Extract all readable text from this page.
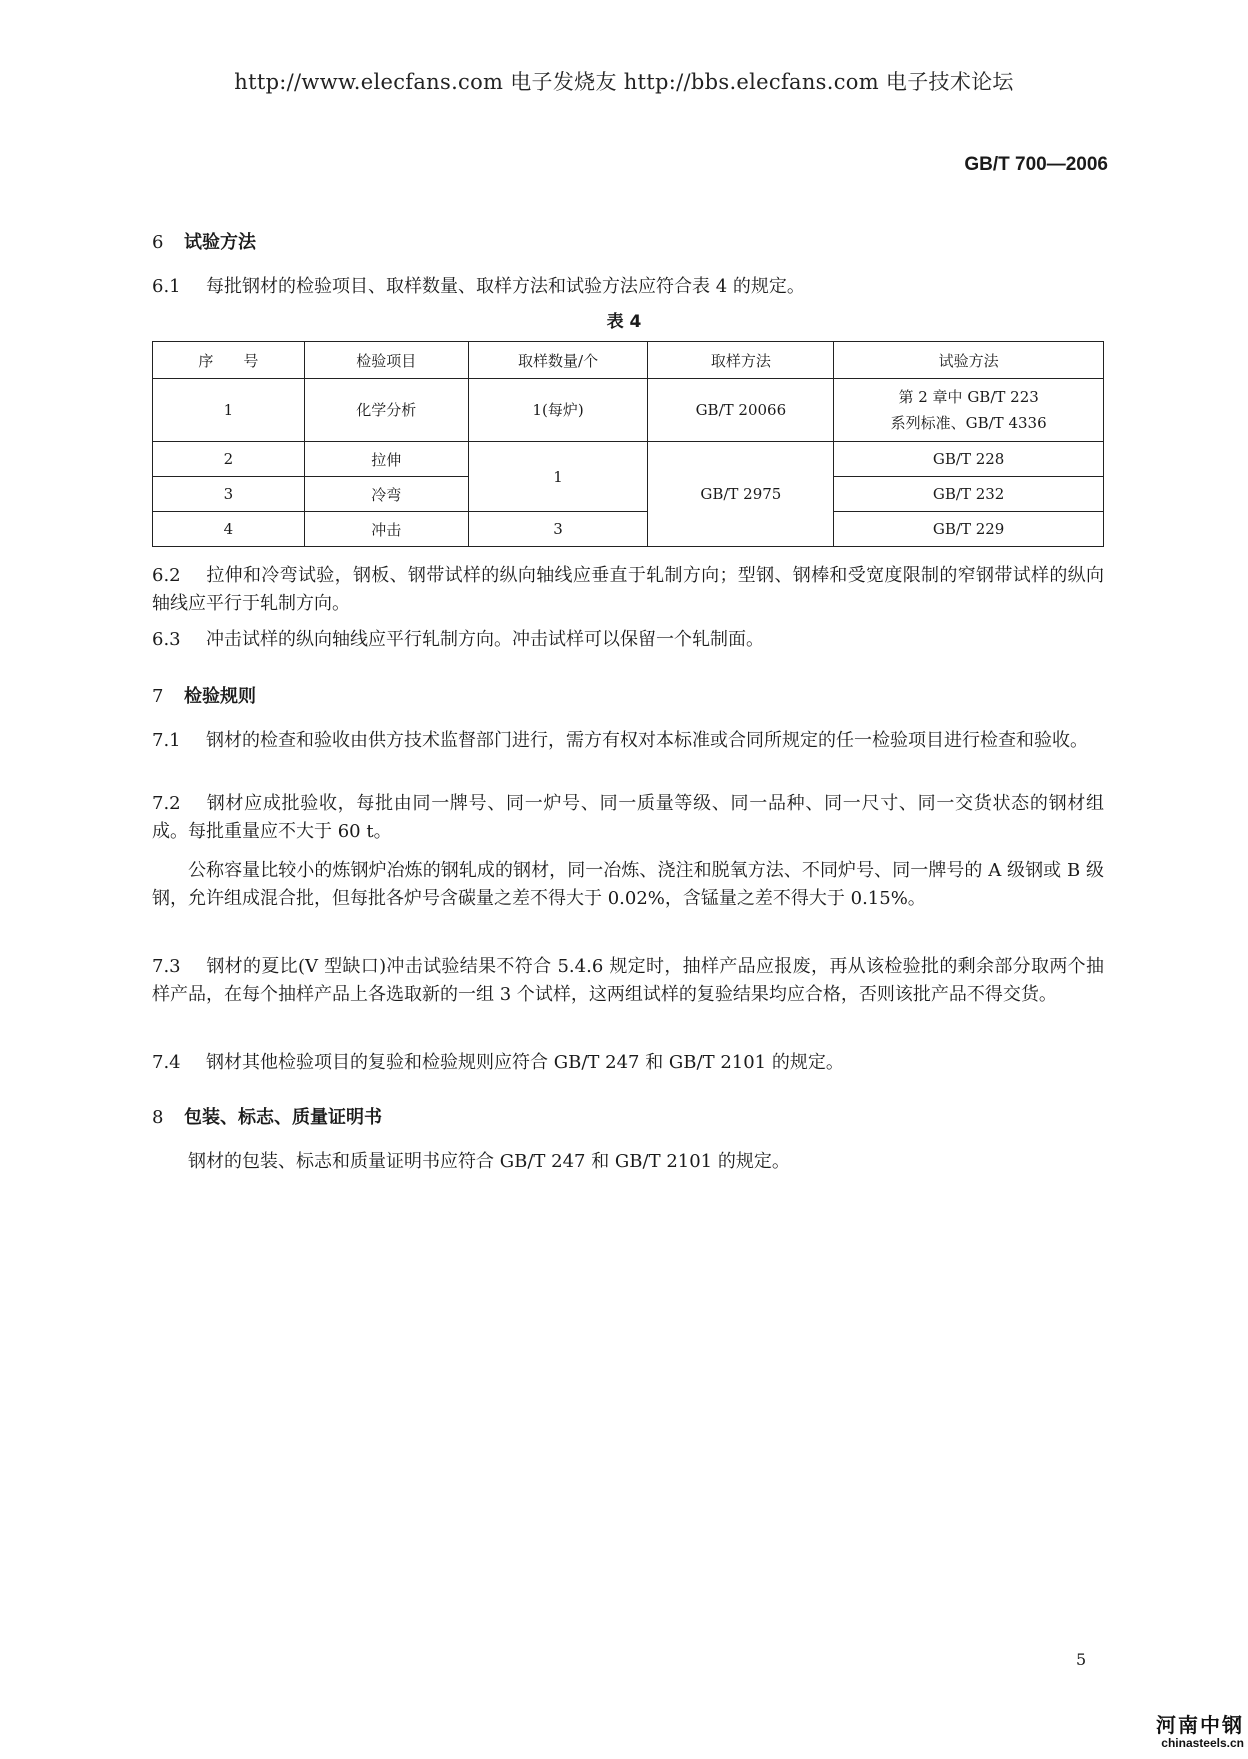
http://www.elecfans.com 电子发烧友 http://bbs.elecfans.com 电子技术论坛
GB/T 700—2006
6 试验方法
6.1 每批钢材的检验项目、取样数量、取样方法和试验方法应符合表 4 的规定。
表 4
序　　号	检验项目	取样数量/个	取样方法	试验方法
1	化学分析	1(每炉)	GB/T 20066	第 2 章中 GB/T 223
系列标准、GB/T 4336

2	拉伸	1	GB/T 2975	GB/T 228
3	冷弯			GB/T 232
4	冲击	3		GB/T 229
6.2 拉伸和冷弯试验，钢板、钢带试样的纵向轴线应垂直于轧制方向；型钢、钢棒和受宽度限制的窄钢带试样的纵向轴线应平行于轧制方向。
6.3 冲击试样的纵向轴线应平行轧制方向。冲击试样可以保留一个轧制面。
7 检验规则
7.1 钢材的检查和验收由供方技术监督部门进行，需方有权对本标准或合同所规定的任一检验项目进行检查和验收。
7.2 钢材应成批验收，每批由同一牌号、同一炉号、同一质量等级、同一品种、同一尺寸、同一交货状态的钢材组成。每批重量应不大于 60 t。
公称容量比较小的炼钢炉冶炼的钢轧成的钢材，同一冶炼、浇注和脱氧方法、不同炉号、同一牌号的 A 级钢或 B 级钢，允许组成混合批，但每批各炉号含碳量之差不得大于 0.02%，含锰量之差不得大于 0.15%。
7.3 钢材的夏比(V 型缺口)冲击试验结果不符合 5.4.6 规定时，抽样产品应报废，再从该检验批的剩余部分取两个抽样产品，在每个抽样产品上各选取新的一组 3 个试样，这两组试样的复验结果均应合格，否则该批产品不得交货。
7.4 钢材其他检验项目的复验和检验规则应符合 GB/T 247 和 GB/T 2101 的规定。
8 包装、标志、质量证明书
钢材的包装、标志和质量证明书应符合 GB/T 247 和 GB/T 2101 的规定。
5
河南中钢
chinasteels.cn
